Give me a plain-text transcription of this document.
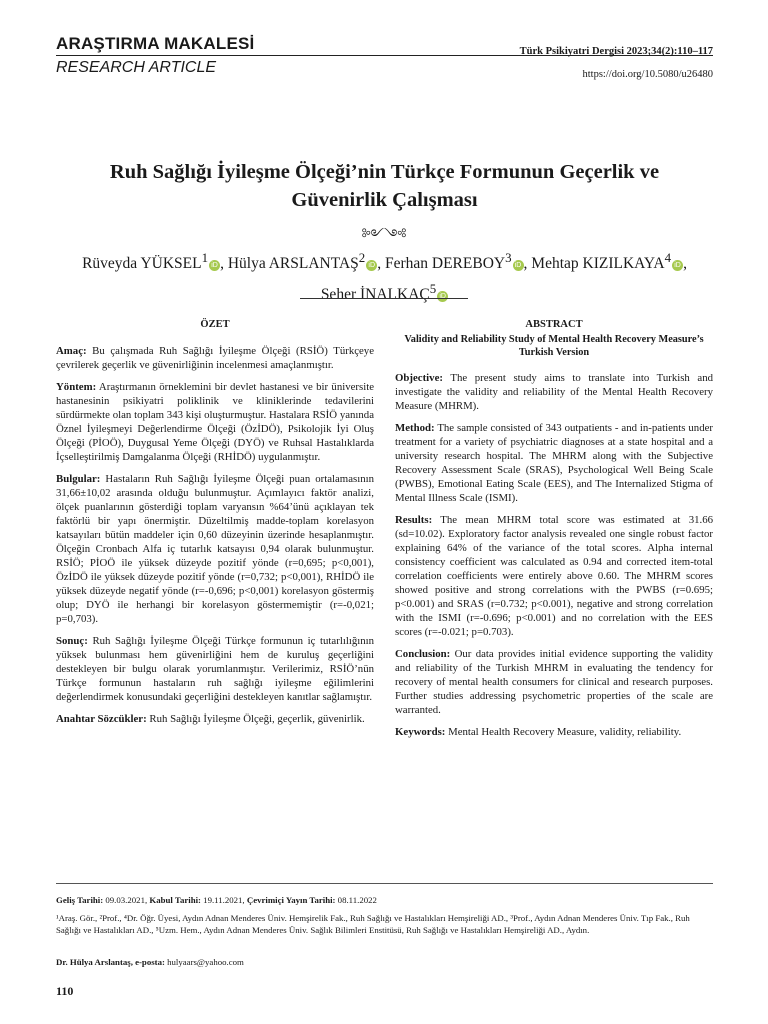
ARAŞTIRMA MAKALESİ
RESEARCH ARTICLE
Türk Psikiyatri Dergisi 2023;34(2):110–117
https://doi.org/10.5080/u26480
Ruh Sağlığı İyileşme Ölçeği’nin Türkçe Formunun Geçerlik ve
Güvenirlik Çalışması
༻༺
Rüveyda YÜKSEL$^1$iD , Hülya ARSLANTAŞ$^2$iD , Ferhan DEREBOY$^3$iD , Mehtap KIZILKAYA$^4$iD ,
Seher İNALKAÇ$^5$iD
ÖZET

Amaç: Bu çalışmada Ruh Sağlığı İyileşme Ölçeği (RSİÖ) Türkçeye çevrilerek geçerlik ve güvenirliğinin incelenmesi amaçlanmıştır.

Yöntem: Araştırmanın örneklemini bir devlet hastanesi ve bir üniversite hastanesinin psikiyatri poliklinik ve kliniklerinde tedavilerini sürdürmekte olan toplam 343 kişi oluşturmuştur. Hastalara RSİÖ yanında Öznel İyileşmeyi Değerlendirme Ölçeği (ÖzİDÖ), Psikolojik İyi Oluş Ölçeği (PİOÖ), Duygusal Yeme Ölçeği (DYÖ) ve Ruhsal Hastalıklarda İçselleştirilmiş Damgalanma Ölçeği (RHİDÖ) uygulanmıştır.

Bulgular: Hastaların Ruh Sağlığı İyileşme Ölçeği puan ortalamasının 31,66±10,02 arasında olduğu bulunmuştur. Açımlayıcı faktör analizi, ölçek puanlarının gösterdiği toplam varyansın %64’ünü açıklayan tek faktörlü bir yapı önermiştir. Düzeltilmiş madde-toplam korelasyon katsayıları bütün maddeler için 0,60 düzeyinin üzerinde hesaplanmıştır. Ölçeğin Cronbach Alfa iç tutarlık katsayısı 0,94 olarak bulunmuştur. RSİÖ; PİOÖ ile yüksek düzeyde pozitif yönde (r=0,695; p<0,001), ÖzİDÖ ile yüksek düzeyde pozitif yönde (r=0,732; p<0,001), RHİDÖ ile yüksek düzeyde negatif yönde (r=-0,696; p<0,001) korelasyon göstermiş olup; DYÖ ile herhangi bir korelasyon göstermemiştir (r=-0,021; p=0,703).

Sonuç: Ruh Sağlığı İyileşme Ölçeği Türkçe formunun iç tutarlılığının yüksek bulunması hem güvenirliğini hem de kuruluş geçerliğini destekleyen bir bulgu olarak yorumlanmıştır. Verilerimiz, RSİÖ’nün Türkçe formunun hastaların ruh sağlığı iyileşme eğilimlerini değerlendirmek konusundaki geçerliğini destekleyen kanıtlar sağlamıştır.

Anahtar Sözcükler: Ruh Sağlığı İyileşme Ölçeği, geçerlik, güvenirlik.

ABSTRACT
Validity and Reliability Study of Mental Health Recovery Measure’s Turkish Version

Objective: The present study aims to translate into Turkish and investigate the validity and reliability of the Mental Health Recovery Measure (MHRM).

Method: The sample consisted of 343 outpatients - and in-patients under treatment for a variety of psychiatric diagnoses at a state hospital and a university research hospital. The MHRM along with the Subjective Recovery Assessment Scale (SRAS), Psychological Well Being Scale (PWBS), Emotional Eating Scale (EES), and The Internalized Stigma of Mental Illness Scale (ISMI).

Results: The mean MHRM total score was estimated at 31.66 (sd=10.02). Exploratory factor analysis revealed one single robust factor explaining 64% of the variance of the total scores. Alpha internal consistency coefficient was calculated as 0.94 and corrected item-total correlation coefficients were entirely above 0.60. The MHRM scores showed positive and strong correlations with the PWBS (r=0.695; p<0.001) and SRAS (r=0.732; p<0.001), negative and strong correlation with the ISMI (r=-0.696; p<0.001) and no correlation with the EES scores (r=-0.021; p=0.703).

Conclusion: Our data provides initial evidence supporting the validity and reliability of the Turkish MHRM in evaluating the tendency for recovery of mental health consumers for clinical and research purposes. Further studies addressing psychometric properties of the scale are warranted.

Keywords: Mental Health Recovery Measure, validity, reliability.

Geliş Tarihi: 09.03.2021, Kabul Tarihi: 19.11.2021, Çevrimiçi Yayın Tarihi: 08.11.2022
¹Araş. Gör., ²Prof., ⁴Dr. Öğr. Üyesi, Aydın Adnan Menderes Üniv. Hemşirelik Fak., Ruh Sağlığı ve Hastalıkları Hemşireliği AD., ³Prof., Aydın Adnan Menderes Üniv. Tıp Fak., Ruh Sağlığı ve Hastalıkları AD., ⁵Uzm. Hem., Aydın Adnan Menderes Üniv. Sağlık Bilimleri Enstitüsü, Ruh Sağlığı ve Hastalıkları Hemşireliği AD., Aydın.
Dr. Hülya Arslantaş, e-posta: hulyaars@yahoo.com
110
